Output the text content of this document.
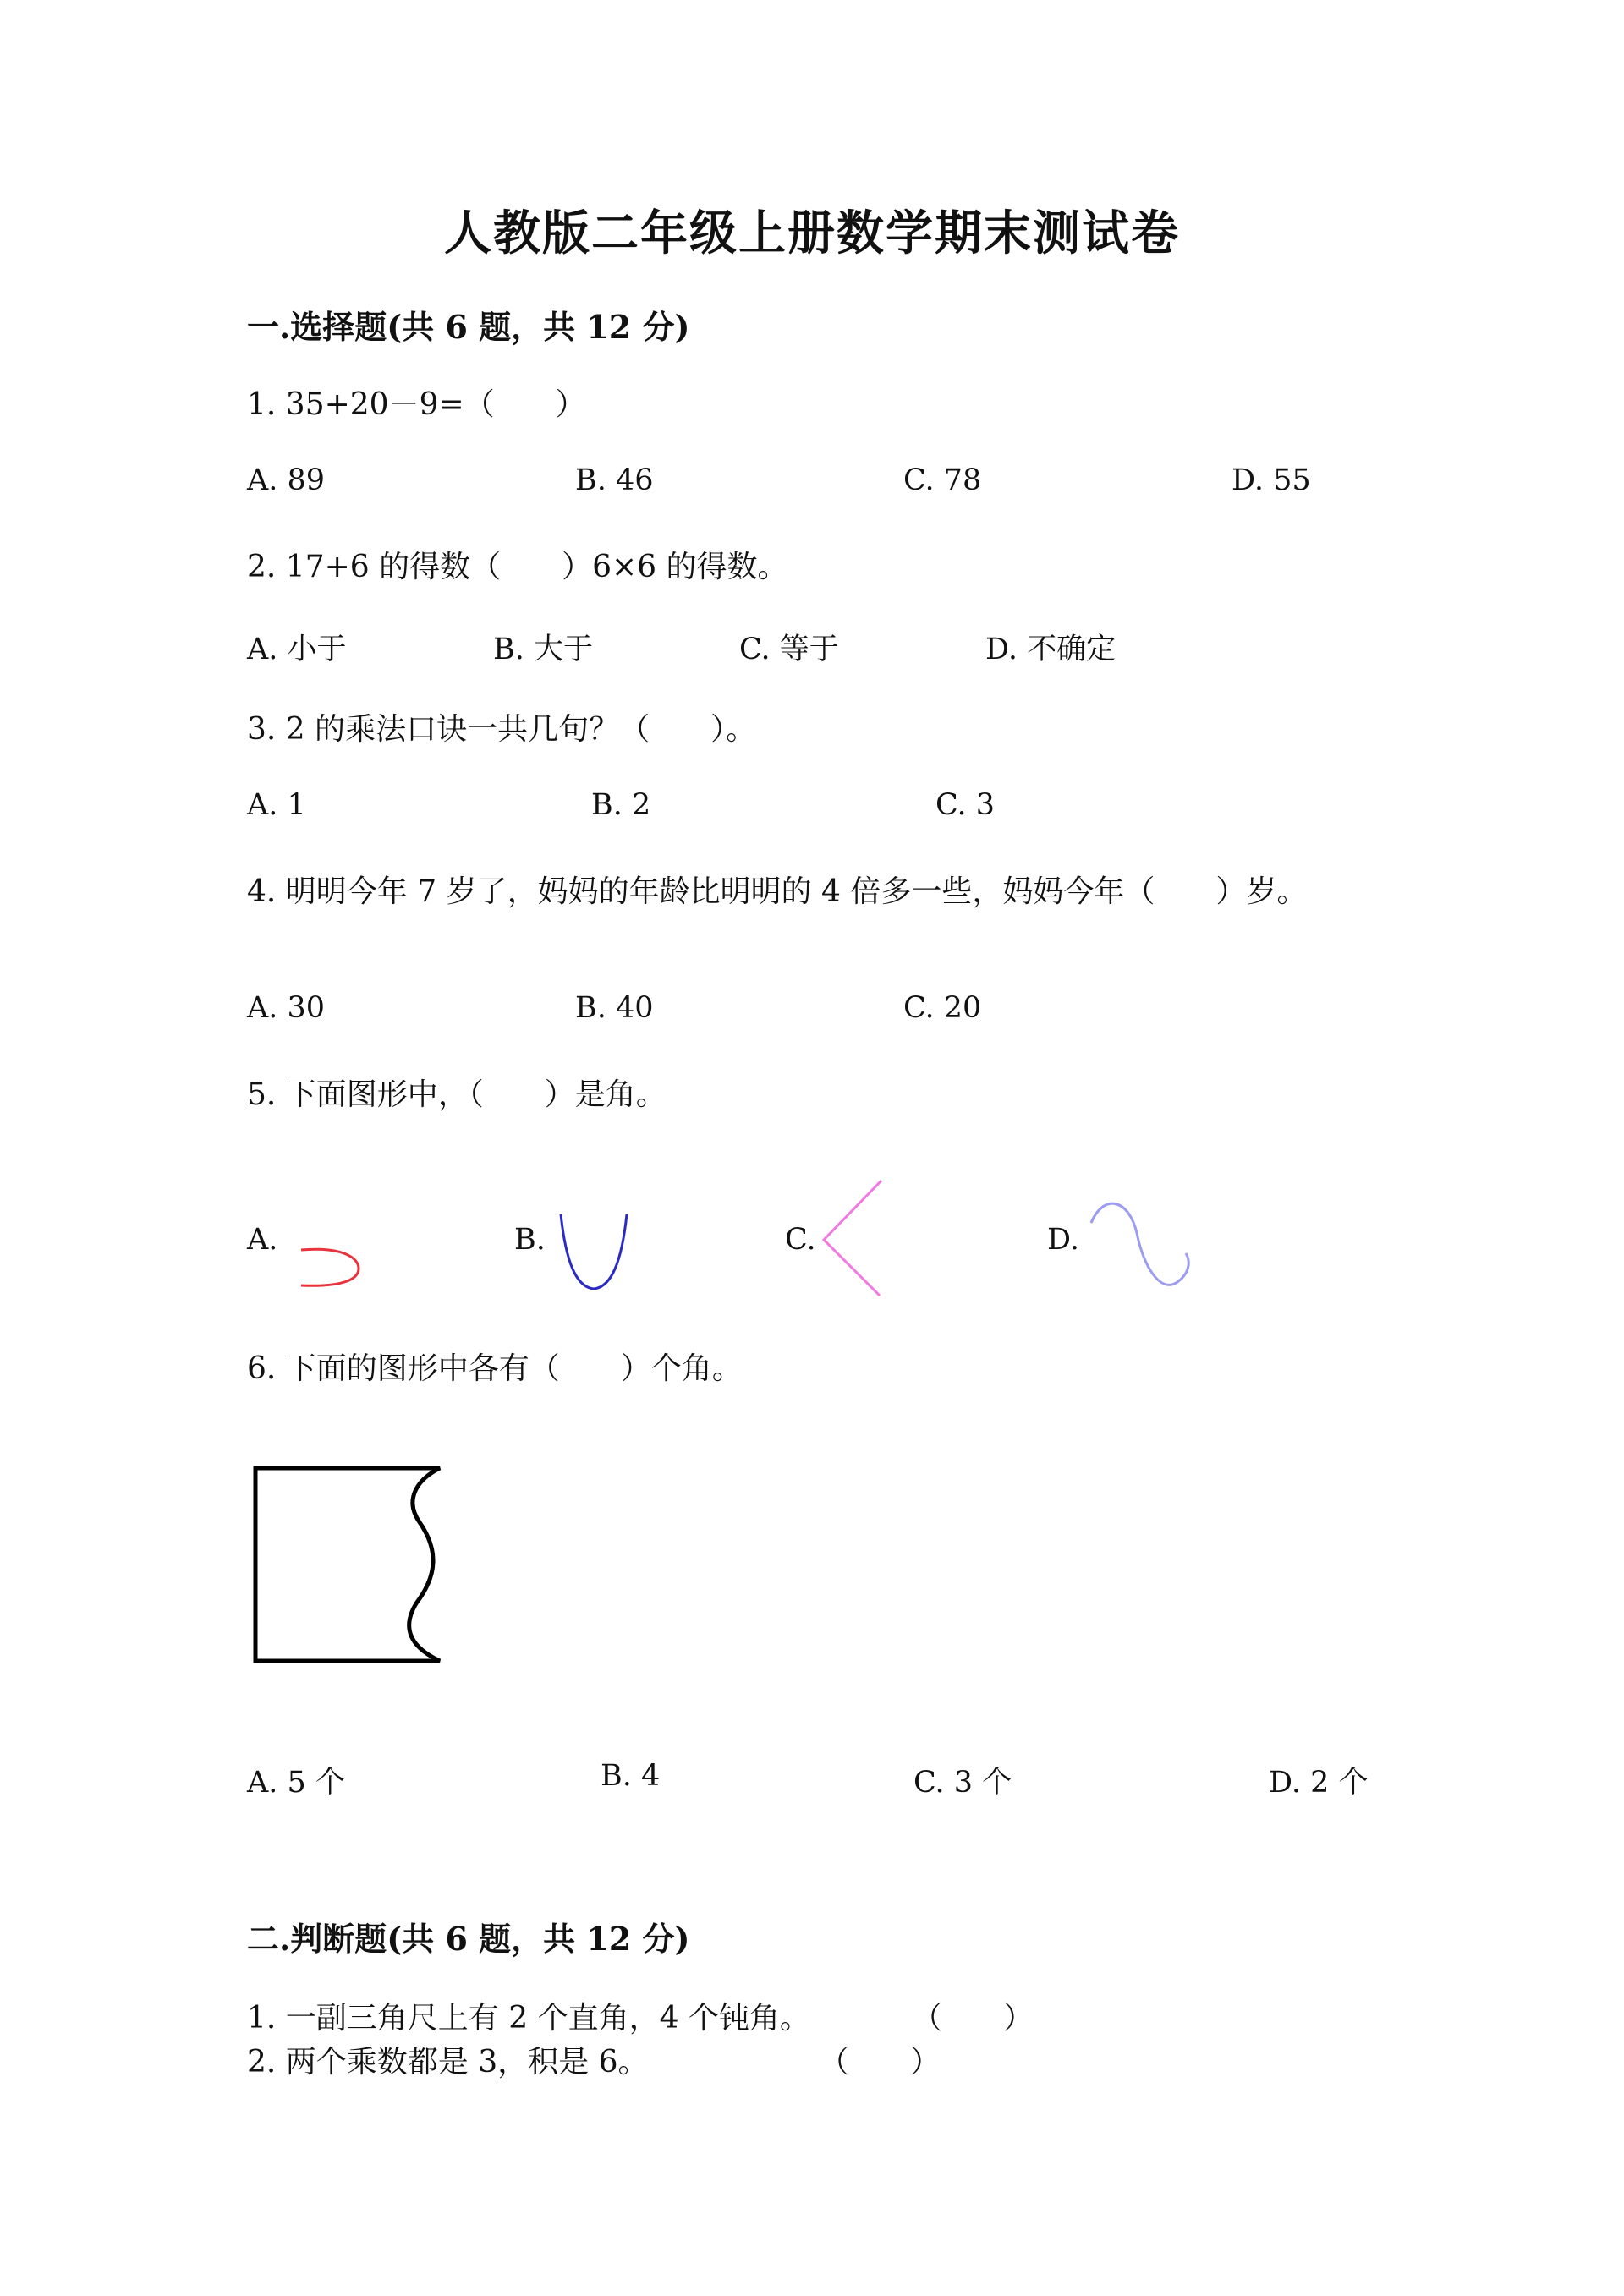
人教版二年级上册数学期末测试卷
一.选择题(共 6 题，共 12 分)
1. 35+20－9=（　　）
A. 89	B. 46	C. 78	D. 55
2. 17+6 的得数（　　）6×6 的得数。
A. 小于	B. 大于	C. 等于	D. 不确定
3. 2 的乘法口诀一共几句？（　　）。
A. 1	B. 2	C. 3
4. 明明今年 7 岁了，妈妈的年龄比明明的 4 倍多一些，妈妈今年（　　）岁。
A. 30	B. 40	C. 20
5. 下面图形中，（　　）是角。
A.	B.	C.	D.
6. 下面的图形中各有（　　）个角。
A. 5 个	B. 4	C. 3 个	D. 2 个
二.判断题(共 6 题，共 12 分)
1. 一副三角尺上有 2 个直角，4 个钝角。	（　　）
2. 两个乘数都是 3，积是 6。	（　　）
